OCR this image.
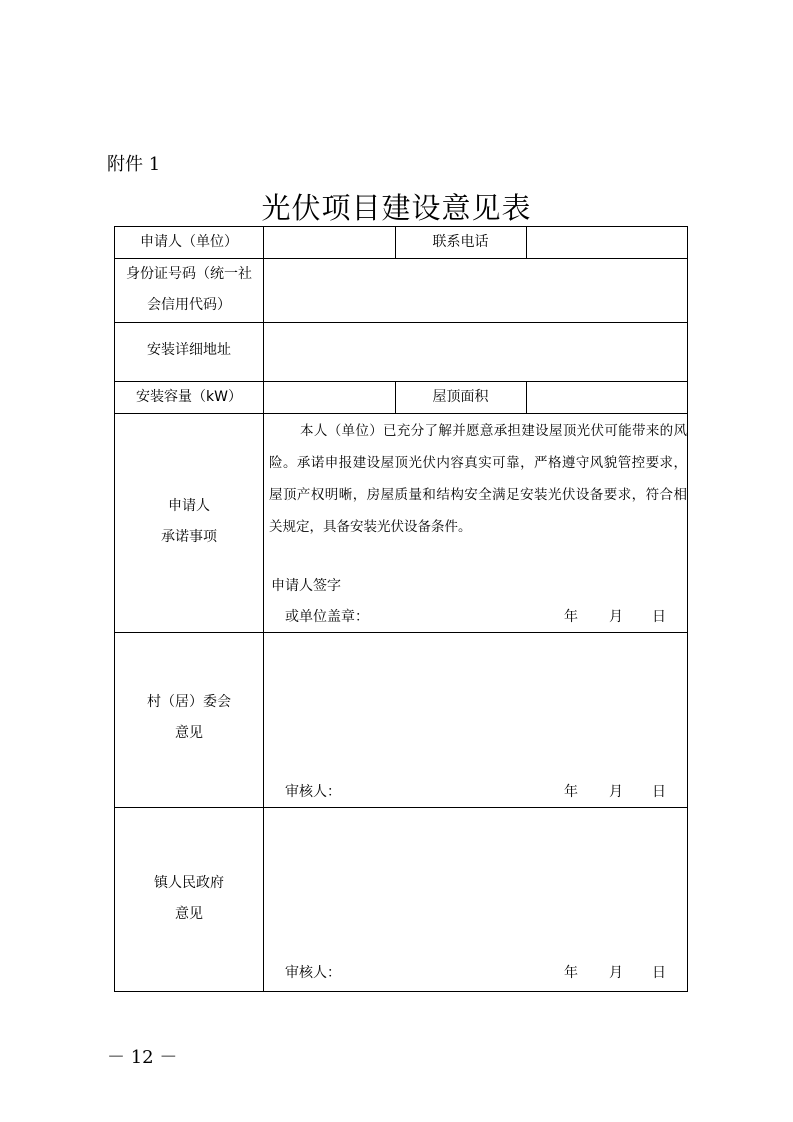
附件 1
光伏项目建设意见表
申请人（单位）	联系电话
身份证号码（统一社
会信用代码）
安装详细地址
安装容量（kW）	屋顶面积
申请人
承诺事项

本人（单位）已充分了解并愿意承担建设屋顶光伏可能带来的风险。承诺申报建设屋顶光伏内容真实可靠，严格遵守风貌管控要求，屋顶产权明晰，房屋质量和结构安全满足安装光伏设备要求，符合相关规定，具备安装光伏设备条件。

申请人签字
或单位盖章：	年 月 日
村（居）委会
意见
审核人：	年 月 日
镇人民政府
意见
审核人：	年 月 日
－ 12 －
